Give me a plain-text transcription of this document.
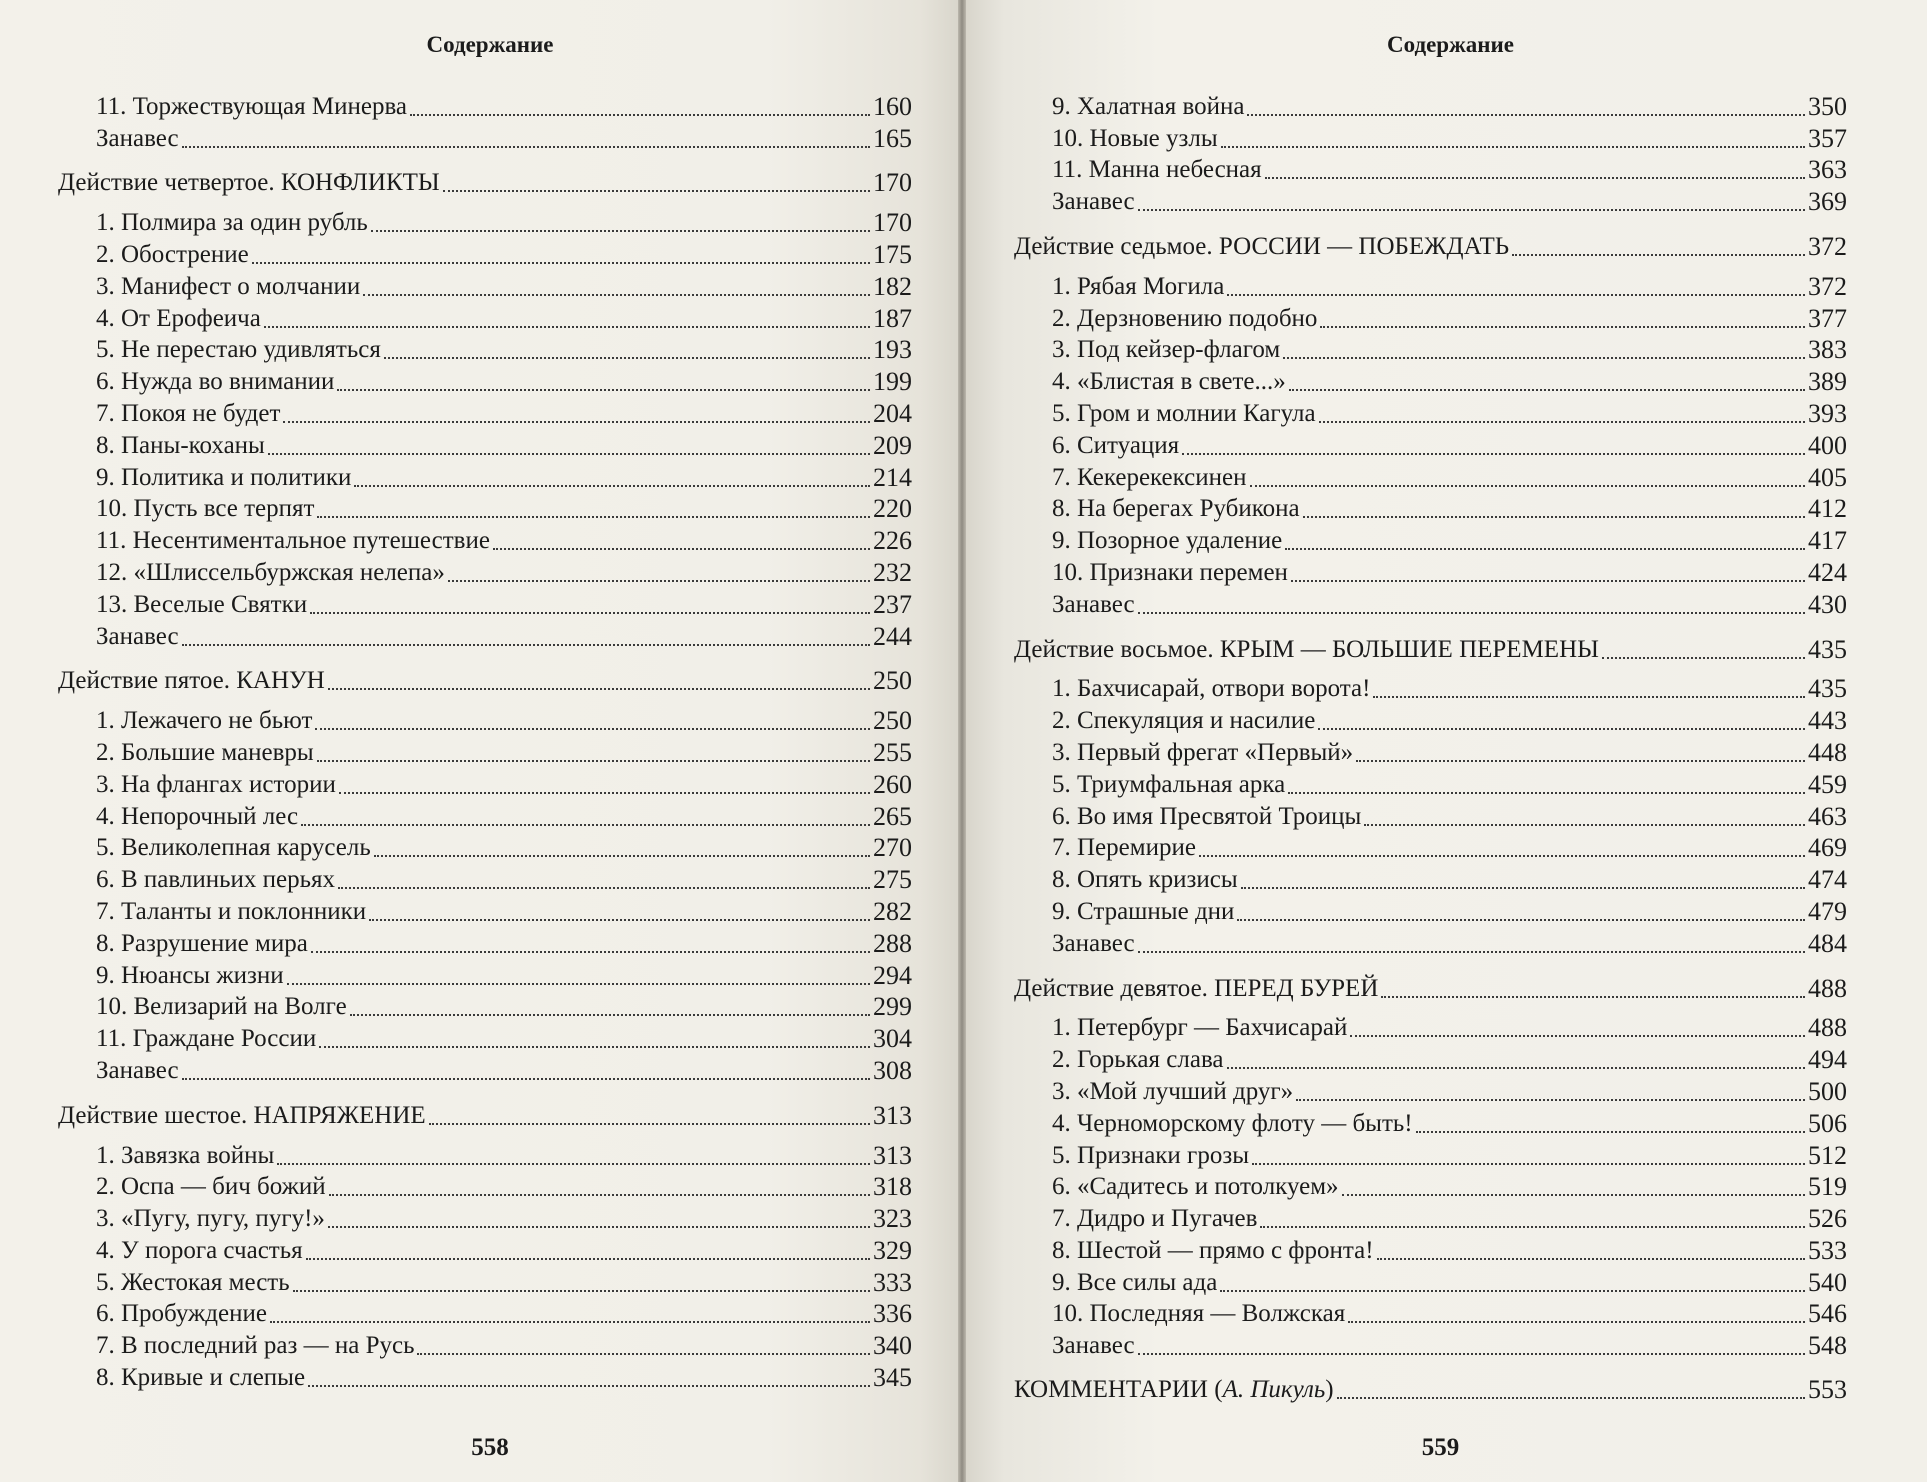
Содержание
11. Торжествующая Минерва	160
Занавес	165
Действие четвертое. КОНФЛИКТЫ	170
1. Полмира за один рубль	170
2. Обострение	175
3. Манифест о молчании	182
4. От Ерофеича	187
5. Не перестаю удивляться	193
6. Нужда во внимании	199
7. Покоя не будет	204
8. Паны-коханы	209
9. Политика и политики	214
10. Пусть все терпят	220
11. Несентиментальное путешествие	226
12. «Шлиссельбуржская нелепа»	232
13. Веселые Святки	237
Занавес	244
Действие пятое. КАНУН	250
1. Лежачего не бьют	250
2. Большие маневры	255
3. На флангах истории	260
4. Непорочный лес	265
5. Великолепная карусель	270
6. В павлиньих перьях	275
7. Таланты и поклонники	282
8. Разрушение мира	288
9. Нюансы жизни	294
10. Велизарий на Волге	299
11. Граждане России	304
Занавес	308
Действие шестое. НАПРЯЖЕНИЕ	313
1. Завязка войны	313
2. Оспа — бич божий	318
3. «Пугу, пугу, пугу!»	323
4. У порога счастья	329
5. Жестокая месть	333
6. Пробуждение	336
7. В последний раз — на Русь	340
8. Кривые и слепые	345
558
Содержание
9. Халатная война	350
10. Новые узлы	357
11. Манна небесная	363
Занавес	369
Действие седьмое. РОССИИ — ПОБЕЖДАТЬ	372
1. Рябая Могила	372
2. Дерзновению подобно	377
3. Под кейзер-флагом	383
4. «Блистая в свете...»	389
5. Гром и молнии Кагула	393
6. Ситуация	400
7. Кекерекексинен	405
8. На берегах Рубикона	412
9. Позорное удаление	417
10. Признаки перемен	424
Занавес	430
Действие восьмое. КРЫМ — БОЛЬШИЕ ПЕРЕМЕНЫ	435
1. Бахчисарай, отвори ворота!	435
2. Спекуляция и насилие	443
3. Первый фрегат «Первый»	448
5. Триумфальная арка	459
6. Во имя Пресвятой Троицы	463
7. Перемирие	469
8. Опять кризисы	474
9. Страшные дни	479
Занавес	484
Действие девятое. ПЕРЕД БУРЕЙ	488
1. Петербург — Бахчисарай	488
2. Горькая слава	494
3. «Мой лучший друг»	500
4. Черноморскому флоту — быть!	506
5. Признаки грозы	512
6. «Садитесь и потолкуем»	519
7. Дидро и Пугачев	526
8. Шестой — прямо с фронта!	533
9. Все силы ада	540
10. Последняя — Волжская	546
Занавес	548
КОММЕНТАРИИ (А. Пикуль)	553
559
